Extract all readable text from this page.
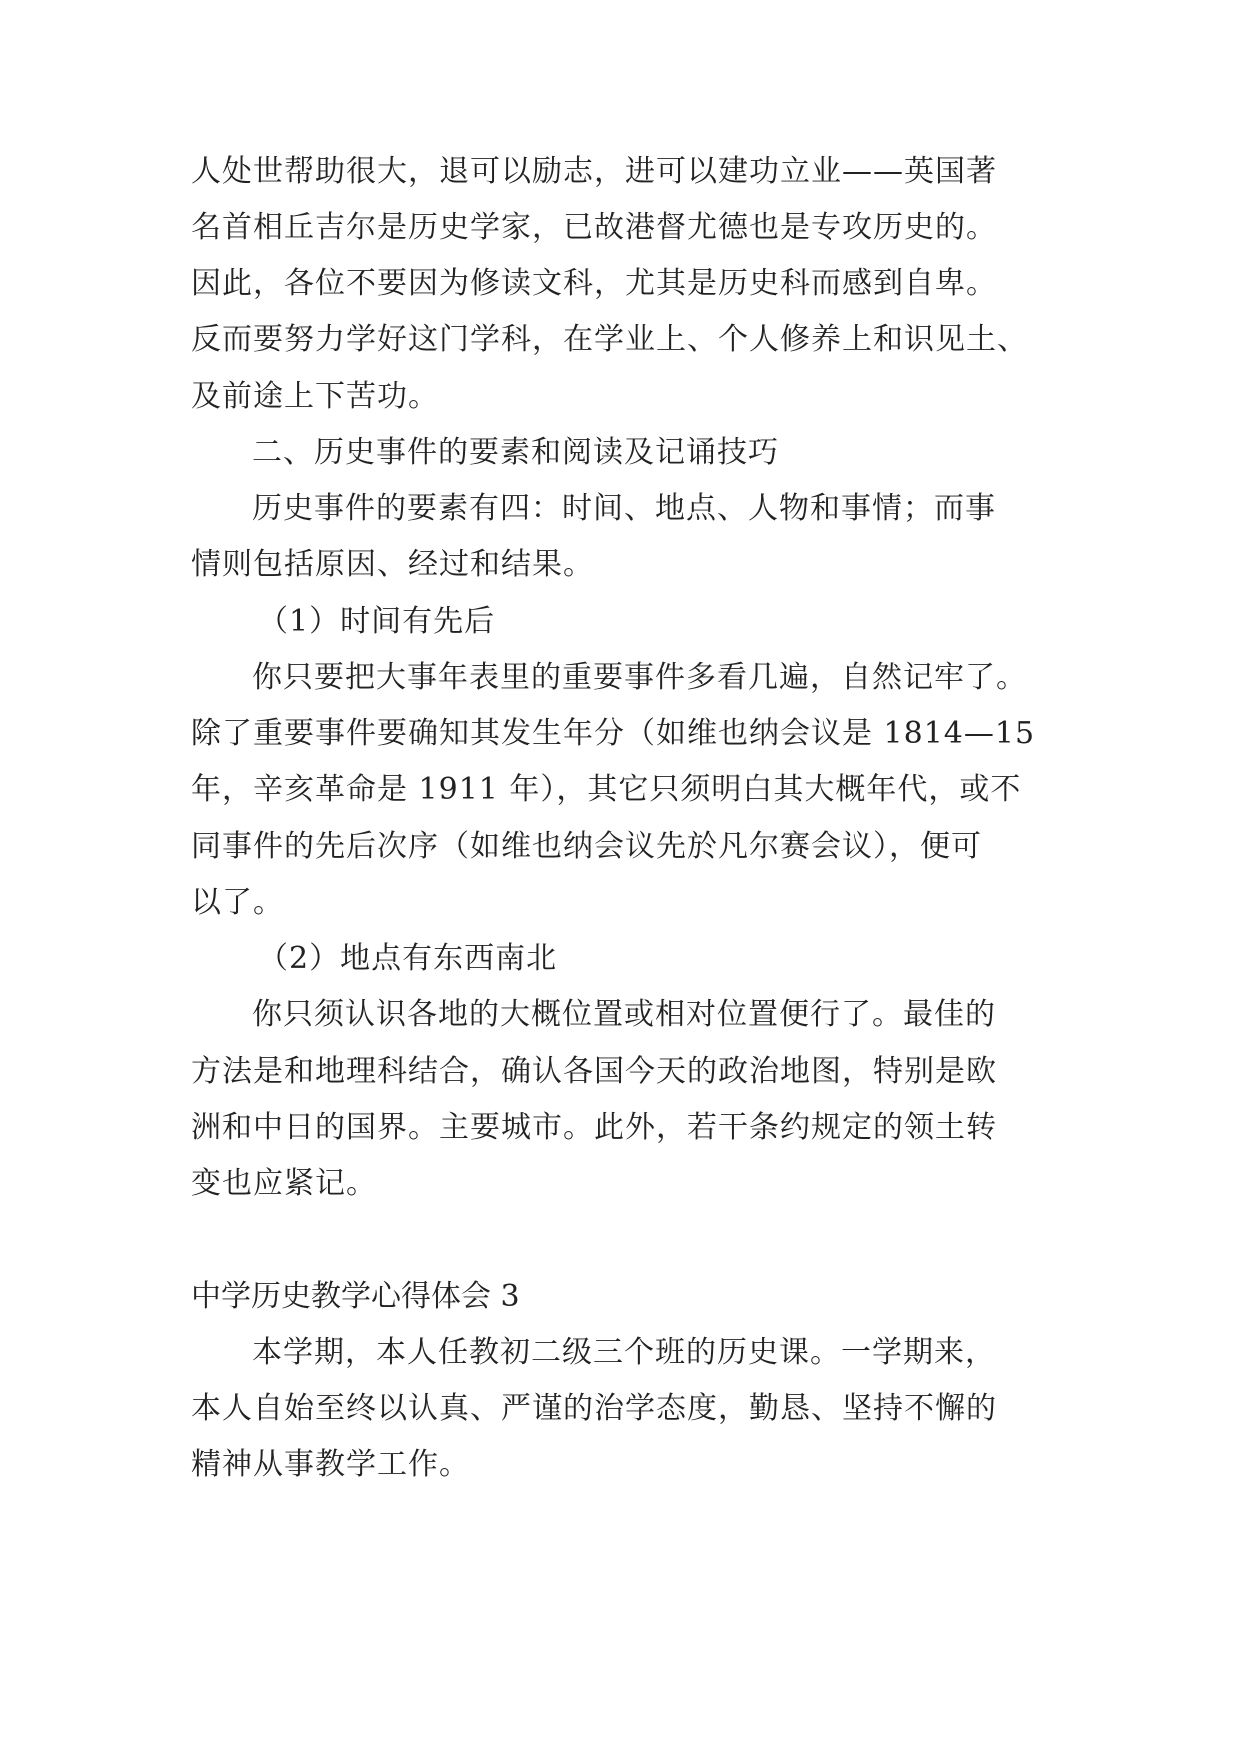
人处世帮助很大，退可以励志，进可以建功立业——英国著
名首相丘吉尔是历史学家，已故港督尤德也是专攻历史的。
因此，各位不要因为修读文科，尤其是历史科而感到自卑。
反而要努力学好这门学科，在学业上、个人修养上和识见土、
及前途上下苦功。
二、历史事件的要素和阅读及记诵技巧
历史事件的要素有四：时间、地点、人物和事情；而事
情则包括原因、经过和结果。
（1）时间有先后
你只要把大事年表里的重要事件多看几遍，自然记牢了。
除了重要事件要确知其发生年分（如维也纳会议是 1814—15
年，辛亥革命是 1911 年），其它只须明白其大概年代，或不
同事件的先后次序（如维也纳会议先於凡尔赛会议），便可
以了。
（2）地点有东西南北
你只须认识各地的大概位置或相对位置便行了。最佳的
方法是和地理科结合，确认各国今天的政治地图，特别是欧
洲和中日的国界。主要城市。此外，若干条约规定的领土转
变也应紧记。
中学历史教学心得体会 3
本学期，本人任教初二级三个班的历史课。一学期来，
本人自始至终以认真、严谨的治学态度，勤恳、坚持不懈的
精神从事教学工作。
